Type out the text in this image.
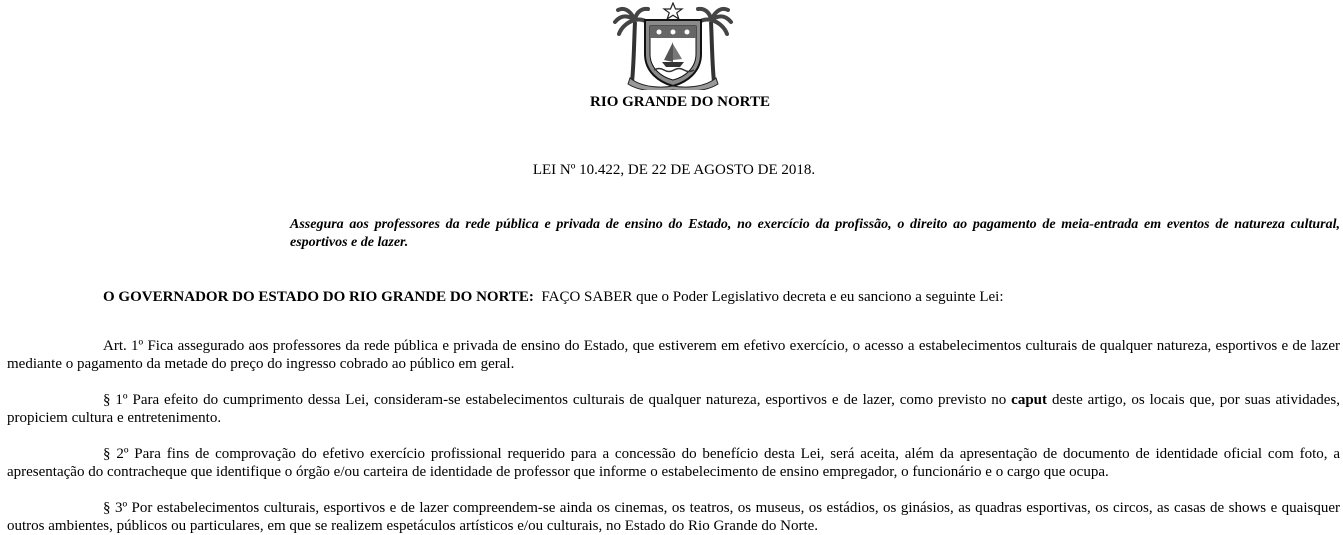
RIO GRANDE DO NORTE
LEI Nº 10.422, DE 22 DE AGOSTO DE 2018.
Assegura aos professores da rede pública e privada de ensino do Estado, no exercício da profissão, o direito ao pagamento de meia-entrada em eventos de natureza cultural, esportivos e de lazer.
O GOVERNADOR DO ESTADO DO RIO GRANDE DO NORTE: FAÇO SABER que o Poder Legislativo decreta e eu sanciono a seguinte Lei:
Art. 1º Fica assegurado aos professores da rede pública e privada de ensino do Estado, que estiverem em efetivo exercício, o acesso a estabelecimentos culturais de qualquer natureza, esportivos e de lazer mediante o pagamento da metade do preço do ingresso cobrado ao público em geral.
§ 1º Para efeito do cumprimento dessa Lei, consideram-se estabelecimentos culturais de qualquer natureza, esportivos e de lazer, como previsto no caput deste artigo, os locais que, por suas atividades, propiciem cultura e entretenimento.
§ 2º Para fins de comprovação do efetivo exercício profissional requerido para a concessão do benefício desta Lei, será aceita, além da apresentação de documento de identidade oficial com foto, a apresentação do contracheque que identifique o órgão e/ou carteira de identidade de professor que informe o estabelecimento de ensino empregador, o funcionário e o cargo que ocupa.
§ 3º Por estabelecimentos culturais, esportivos e de lazer compreendem-se ainda os cinemas, os teatros, os museus, os estádios, os ginásios, as quadras esportivas, os circos, as casas de shows e quaisquer outros ambientes, públicos ou particulares, em que se realizem espetáculos artísticos e/ou culturais, no Estado do Rio Grande do Norte.
